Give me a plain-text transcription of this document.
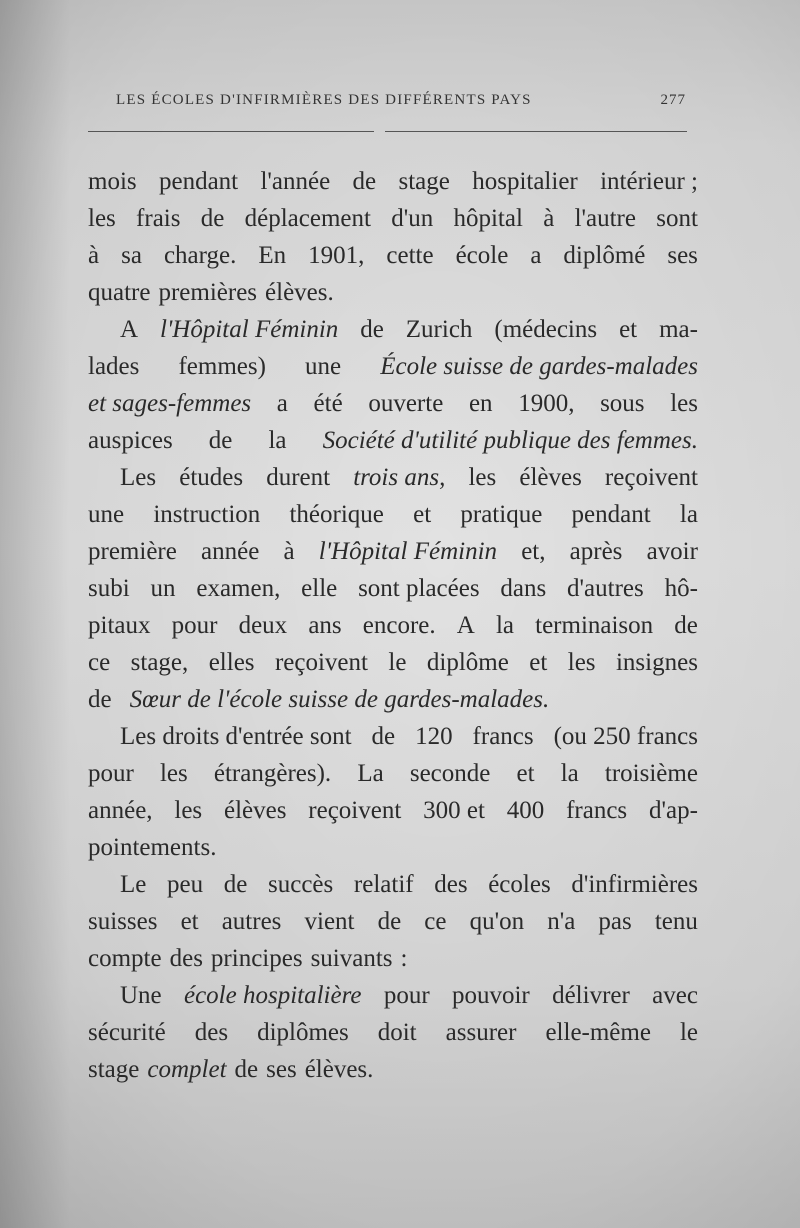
LES ÉCOLES D'INFIRMIÈRES DES DIFFÉRENTS PAYS	277
mois pendant l'année de stage hospitalier intérieur ;
les frais de déplacement d'un hôpital à l'autre sont
à sa charge. En 1901, cette école a diplômé ses
quatre premières élèves.
A l'Hôpital Féminin de Zurich (médecins et ma-
lades femmes) une École suisse de gardes-malades
et sages-femmes a été ouverte en 1900, sous les
auspices de la Société d'utilité publique des femmes.
Les études durent trois ans, les élèves reçoivent
une instruction théorique et pratique pendant la
première année à l'Hôpital Féminin et, après avoir
subi un examen, elle sont placées dans d'autres hô-
pitaux pour deux ans encore. A la terminaison de
ce stage, elles reçoivent le diplôme et les insignes
de Sœur de l'école suisse de gardes-malades.
Les droits d'entrée sont de 120 francs (ou 250 francs
pour les étrangères). La seconde et la troisième
année, les élèves reçoivent 300 et 400 francs d'ap-
pointements.
Le peu de succès relatif des écoles d'infirmières
suisses et autres vient de ce qu'on n'a pas tenu
compte des principes suivants :
Une école hospitalière pour pouvoir délivrer avec
sécurité des diplômes doit assurer elle-même le
stage complet de ses élèves.
